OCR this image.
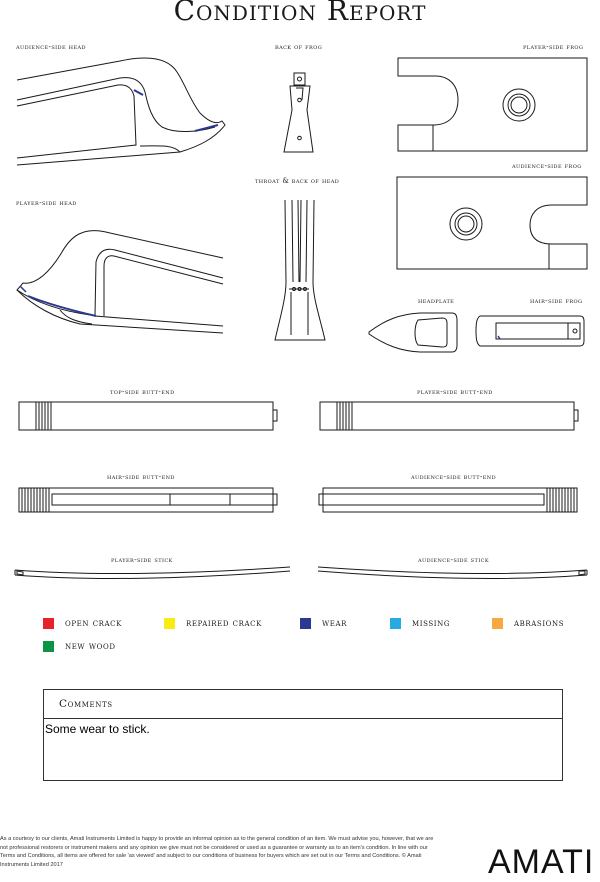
Condition Report
audience-side head	back of frog	player-side frog
audience-side frog
throat & back of head
player-side head
headplate	hair-side frog
top-side butt-end	player-side butt-end
hair-side butt-end	audience-side butt-end
player-side stick	audience-side stick
open crack	repaired crack	wear	missing	abrasions
new wood
Comments
Some wear to stick.
As a courtesy to our clients, Amati Instruments Limited is happy to provide an informal opinion as to the general condition of an item. We must advise you, however, that we are not professional restorers or instrument makers and any opinion we give must not be considered or used as a guarantee or warranty as to an item's condition. In line with our Terms and Conditions, all items are offered for sale 'as viewed' and subject to our conditions of business for buyers which are set out in our Terms and Conditions. © Amati Instruments Limited 2017	AMATI
